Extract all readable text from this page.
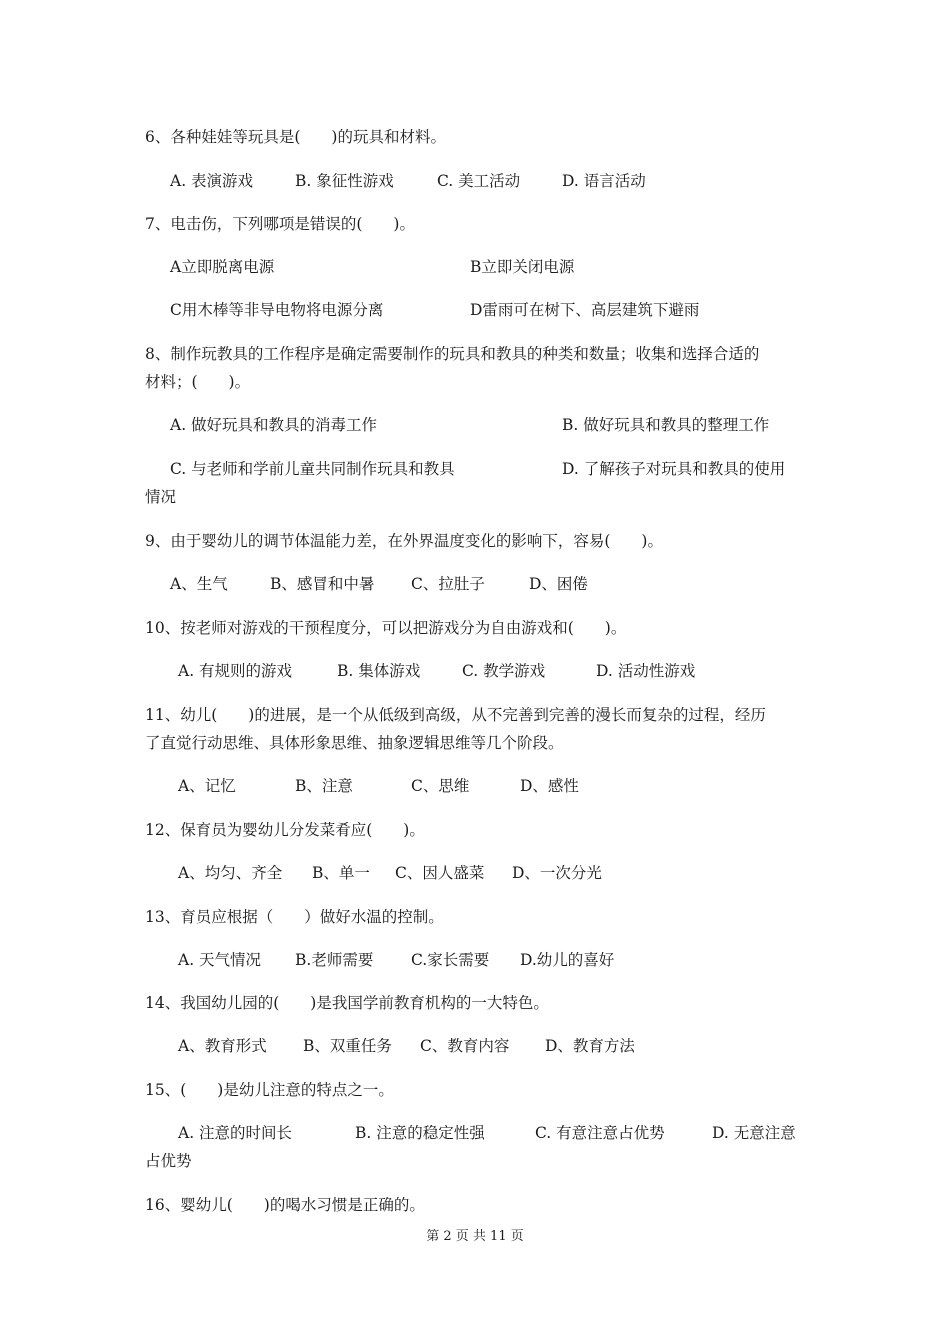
6、各种娃娃等玩具是(　　)的玩具和材料。
A. 表演游戏	B. 象征性游戏	C. 美工活动	D. 语言活动
7、电击伤，下列哪项是错误的(　　)。
A立即脱离电源	B立即关闭电源
C用木棒等非导电物将电源分离	D雷雨可在树下、高层建筑下避雨
8、制作玩教具的工作程序是确定需要制作的玩具和教具的种类和数量；收集和选择合适的
材料；(　　)。
A. 做好玩具和教具的消毒工作	B. 做好玩具和教具的整理工作
C. 与老师和学前儿童共同制作玩具和教具	D. 了解孩子对玩具和教具的使用
情况
9、由于婴幼儿的调节体温能力差，在外界温度变化的影响下，容易(　　)。
A、生气	B、感冒和中暑 C、拉肚子	D、困倦
10、按老师对游戏的干预程度分，可以把游戏分为自由游戏和(　　)。
A. 有规则的游戏	B. 集体游戏	C. 教学游戏	D. 活动性游戏
11、幼儿(　　)的进展，是一个从低级到高级，从不完善到完善的漫长而复杂的过程，经历
了直觉行动思维、具体形象思维、抽象逻辑思维等几个阶段。
A、记忆	B、注意	C、思维	D、感性
12、保育员为婴幼儿分发菜肴应(　　)。
A、均匀、齐全 B、单一 C、因人盛菜 D、一次分光
13、育员应根据（　　）做好水温的控制。
A. 天气情况 B.老师需要 C.家长需要 D.幼儿的喜好
14、我国幼儿园的(　　)是我国学前教育机构的一大特色。
A、教育形式 B、双重任务 C、教育内容 D、教育方法
15、(　　)是幼儿注意的特点之一。
A. 注意的时间长	B. 注意的稳定性强	C. 有意注意占优势	D. 无意注意
占优势
16、婴幼儿(　　)的喝水习惯是正确的。
第 2 页 共 11 页
